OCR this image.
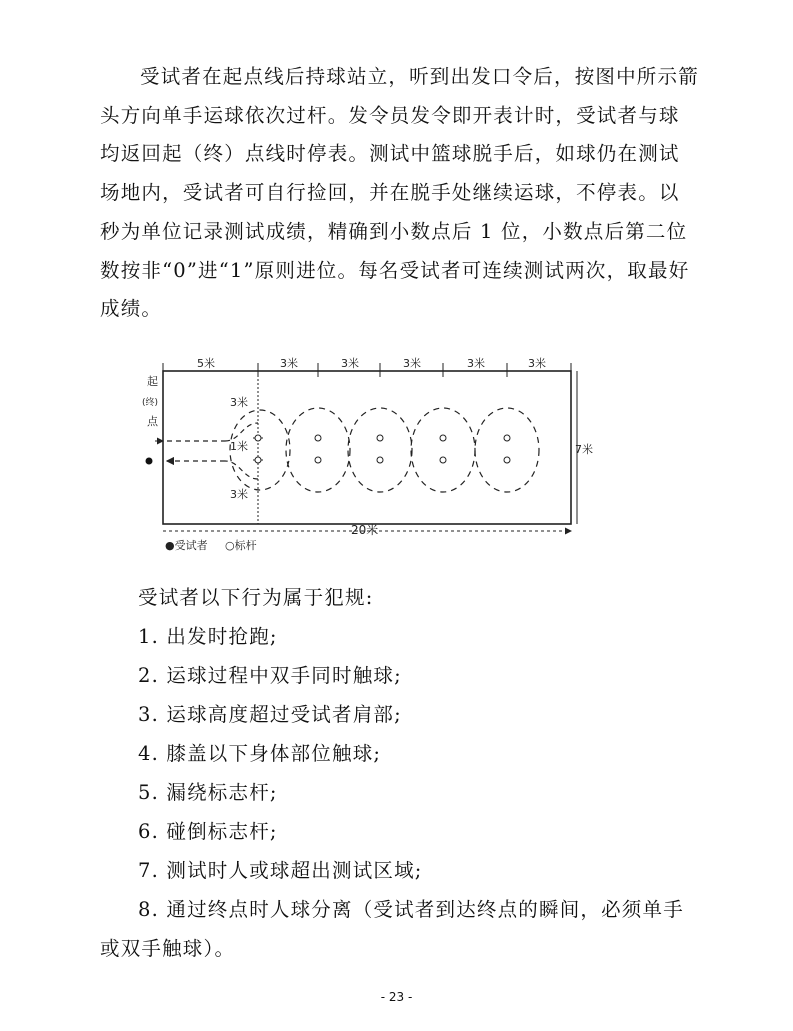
受试者在起点线后持球站立，听到出发口令后，按图中所示箭头方向单手运球依次过杆。发令员发令即开表计时，受试者与球均返回起（终）点线时停表。测试中篮球脱手后，如球仍在测试场地内，受试者可自行捡回，并在脱手处继续运球，不停表。以秒为单位记录测试成绩，精确到小数点后 1 位，小数点后第二位数按非“0”进“1”原则进位。每名受试者可连续测试两次，取最好成绩。
5米	3米	3米	3米	3米	3米
起
(终)
点
3米
1米
3米
7米
20米
●受试者 ○标杆
受试者以下行为属于犯规:
1. 出发时抢跑;
2. 运球过程中双手同时触球;
3. 运球高度超过受试者肩部;
4. 膝盖以下身体部位触球;
5. 漏绕标志杆;
6. 碰倒标志杆;
7. 测试时人或球超出测试区域;
8. 通过终点时人球分离（受试者到达终点的瞬间，必须单手
或双手触球）。
- 23 -
